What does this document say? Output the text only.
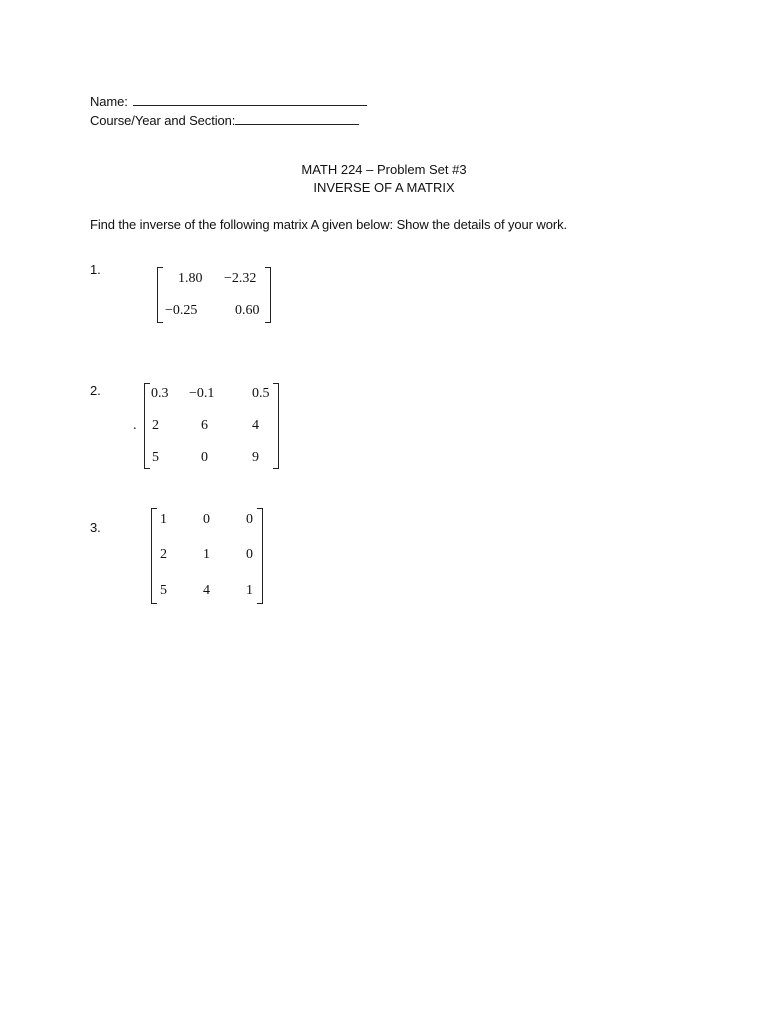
Name:
Course/Year and Section:
MATH 224 – Problem Set #3
INVERSE OF A MATRIX
Find the inverse of the following matrix A given below: Show the details of your work.
1.
1.80 −2.32
−0.25	0.60
2.
.
0.3 −0.1	0.5
2	6	4
5	0	9
3.
1	0	0
2	1	0
5	4	1
